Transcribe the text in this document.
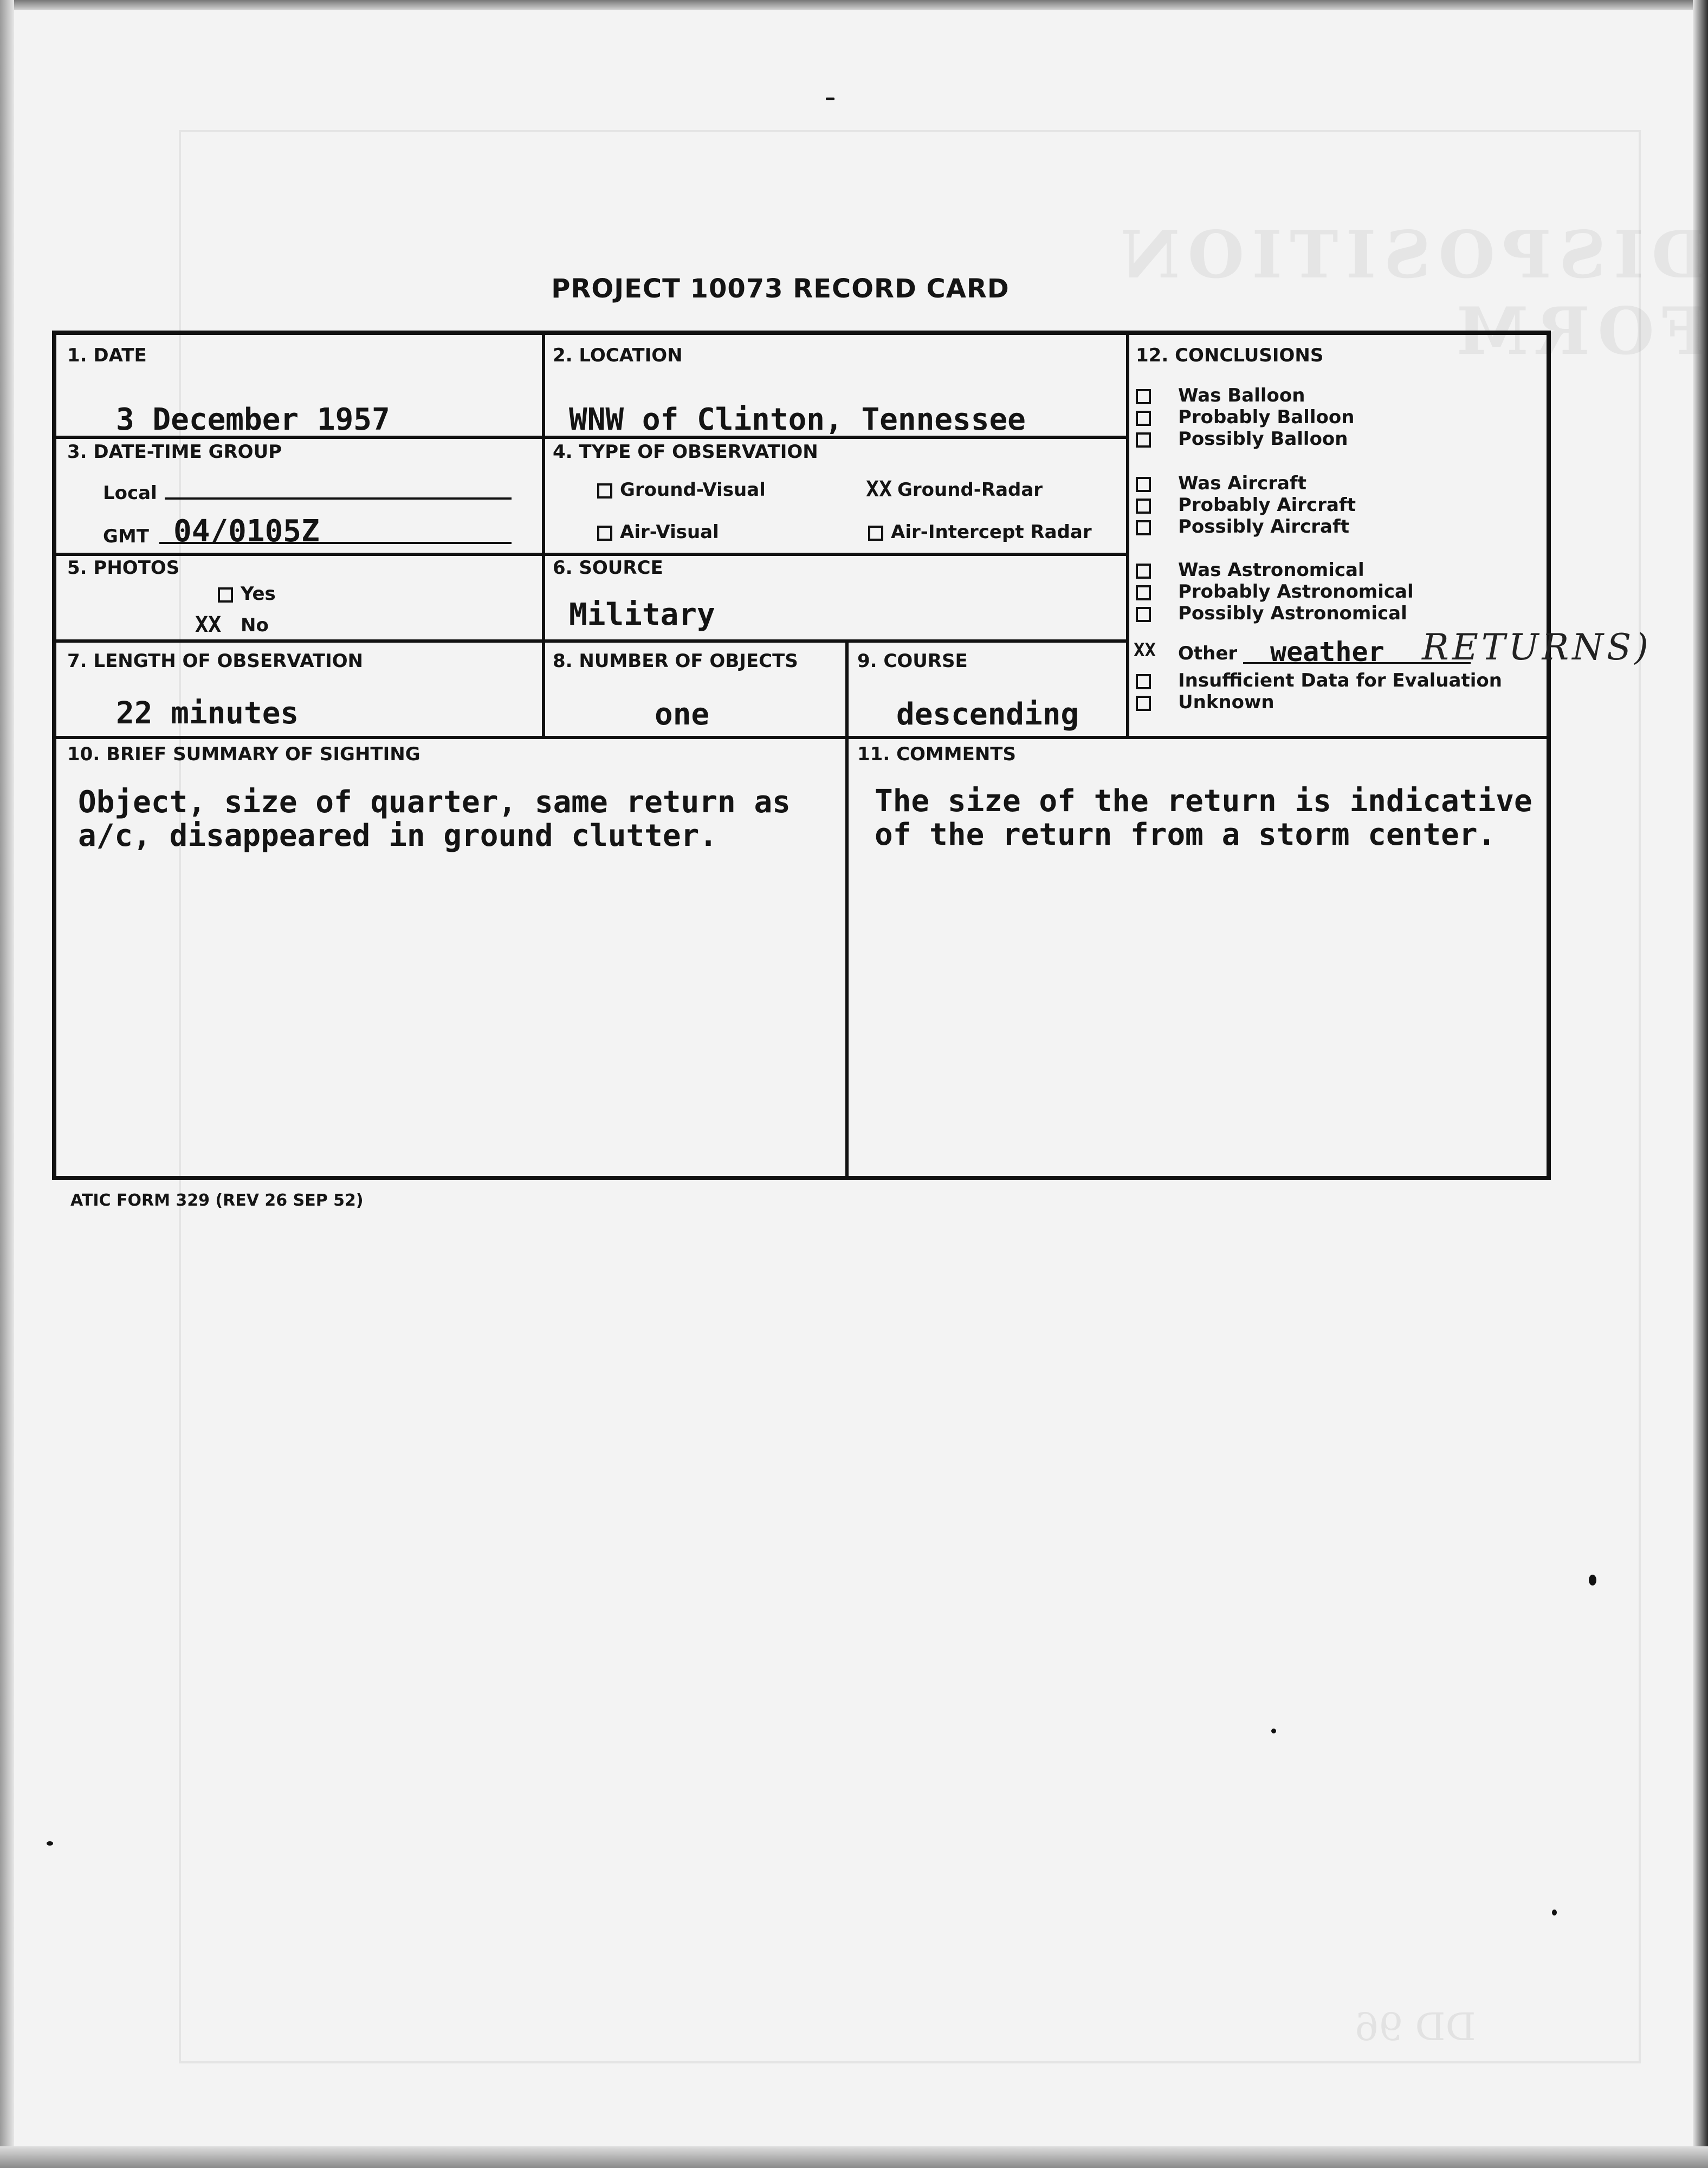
DISPOSITION FORM
DD 96
PROJECT 10073 RECORD CARD
1. DATE
3 December 1957
2. LOCATION
WNW of Clinton, Tennessee
3. DATE-TIME GROUP
Local
GMT 04/0105Z
4. TYPE OF OBSERVATION
Ground-Visual	XX Ground-Radar
Air-Visual	Air-Intercept Radar
5. PHOTOS
Yes
XX No
6. SOURCE
Military
7. LENGTH OF OBSERVATION
22 minutes
8. NUMBER OF OBJECTS
one
9. COURSE
descending
12. CONCLUSIONS
Was Balloon
Probably Balloon
Possibly Balloon
Was Aircraft
Probably Aircraft
Possibly Aircraft
Was Astronomical
Probably Astronomical
Possibly Astronomical
XX Other weather RETURNS)
Insufficient Data for Evaluation
Unknown
10. BRIEF SUMMARY OF SIGHTING
Object, size of quarter, same return as a/c, disappeared in ground clutter.
11. COMMENTS
The size of the return is indicative of the return from a storm center.
ATIC FORM 329 (REV 26 SEP 52)
